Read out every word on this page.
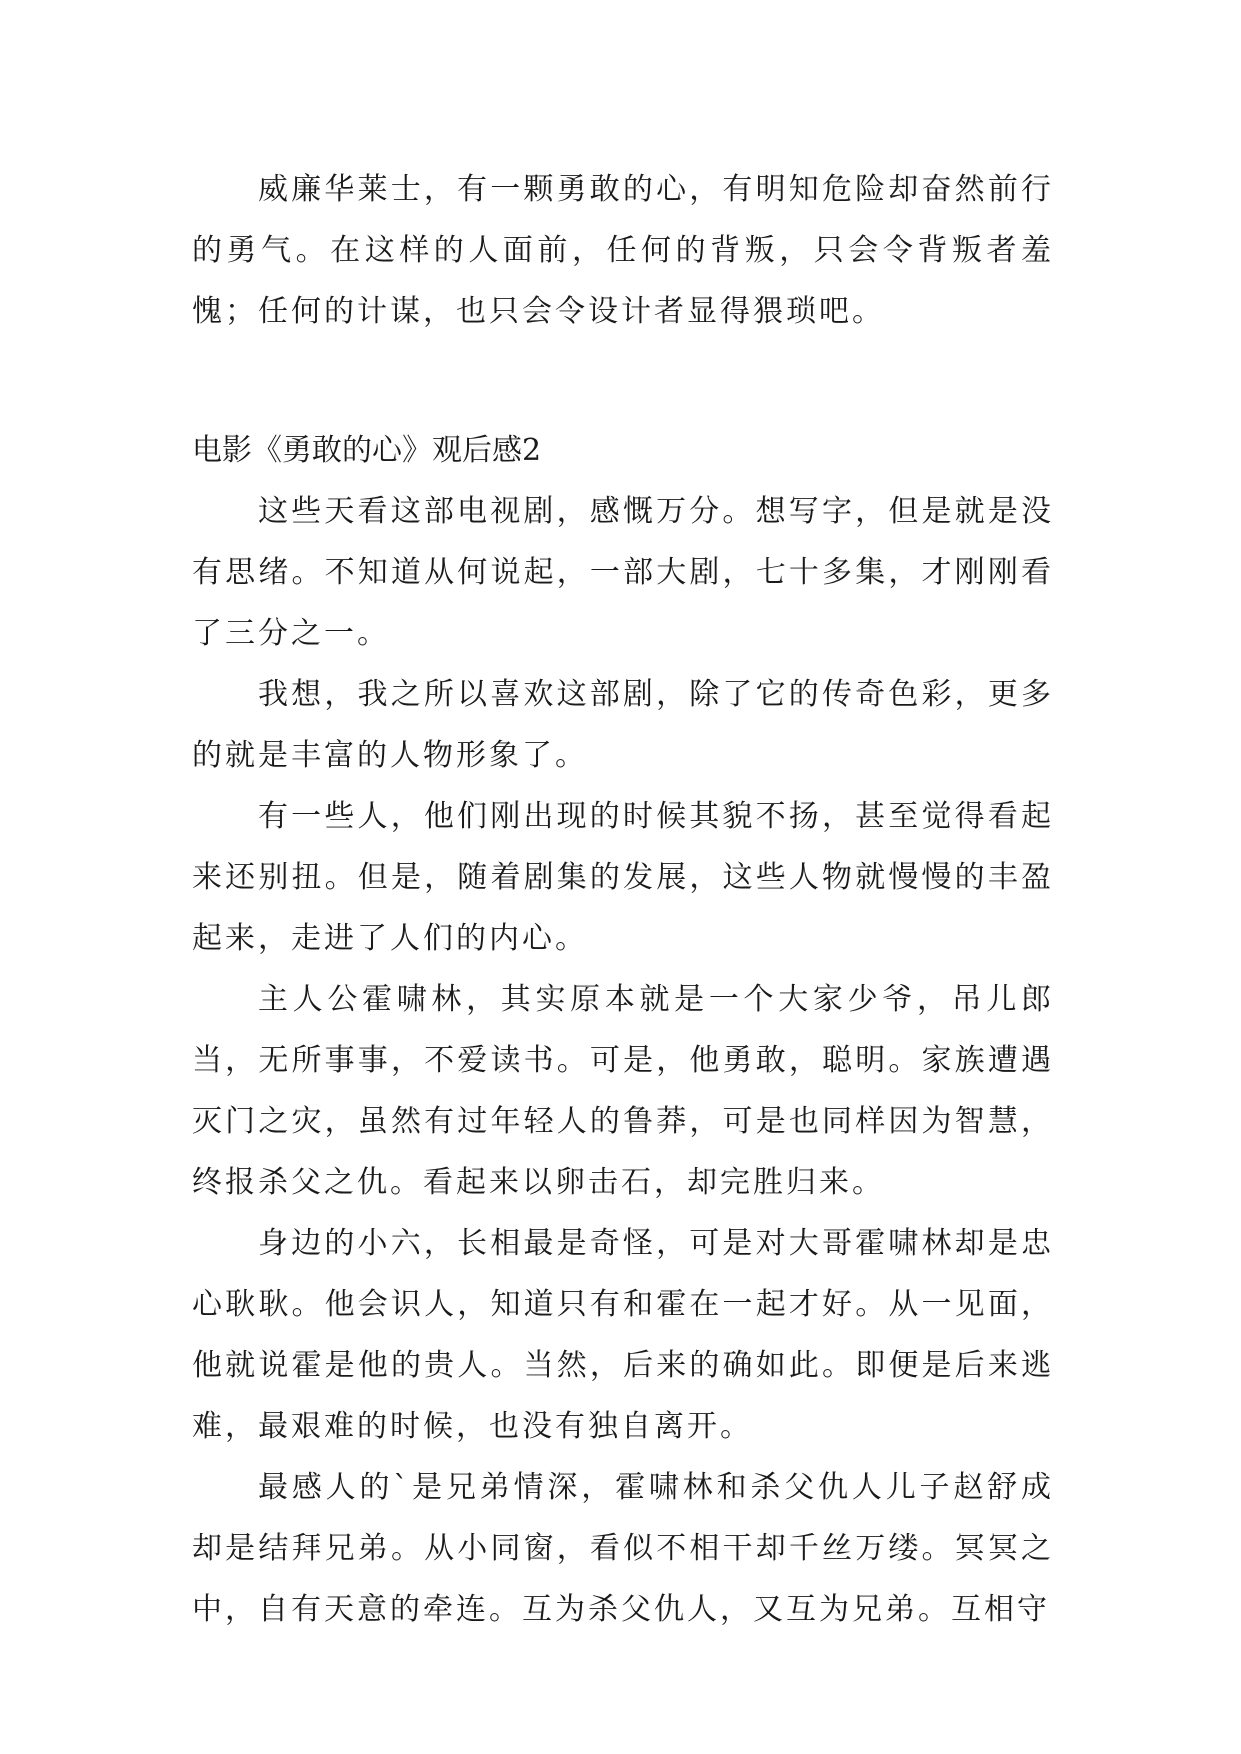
威廉华莱士，有一颗勇敢的心，有明知危险却奋然前行的勇气。在这样的人面前，任何的背叛，只会令背叛者羞愧；任何的计谋，也只会令设计者显得猥琐吧。

电影《勇敢的心》观后感2

这些天看这部电视剧，感慨万分。想写字，但是就是没有思绪。不知道从何说起，一部大剧，七十多集，才刚刚看了三分之一。

我想，我之所以喜欢这部剧，除了它的传奇色彩，更多的就是丰富的人物形象了。

有一些人，他们刚出现的时候其貌不扬，甚至觉得看起来还别扭。但是，随着剧集的发展，这些人物就慢慢的丰盈起来，走进了人们的内心。

主人公霍啸林，其实原本就是一个大家少爷，吊儿郎当，无所事事，不爱读书。可是，他勇敢，聪明。家族遭遇灭门之灾，虽然有过年轻人的鲁莽，可是也同样因为智慧，终报杀父之仇。看起来以卵击石，却完胜归来。

身边的小六，长相最是奇怪，可是对大哥霍啸林却是忠心耿耿。他会识人，知道只有和霍在一起才好。从一见面，他就说霍是他的贵人。当然，后来的确如此。即便是后来逃难，最艰难的时候，也没有独自离开。

最感人的`是兄弟情深，霍啸林和杀父仇人儿子赵舒成却是结拜兄弟。从小同窗，看似不相干却千丝万缕。冥冥之中，自有天意的牵连。互为杀父仇人，又互为兄弟。互相守
